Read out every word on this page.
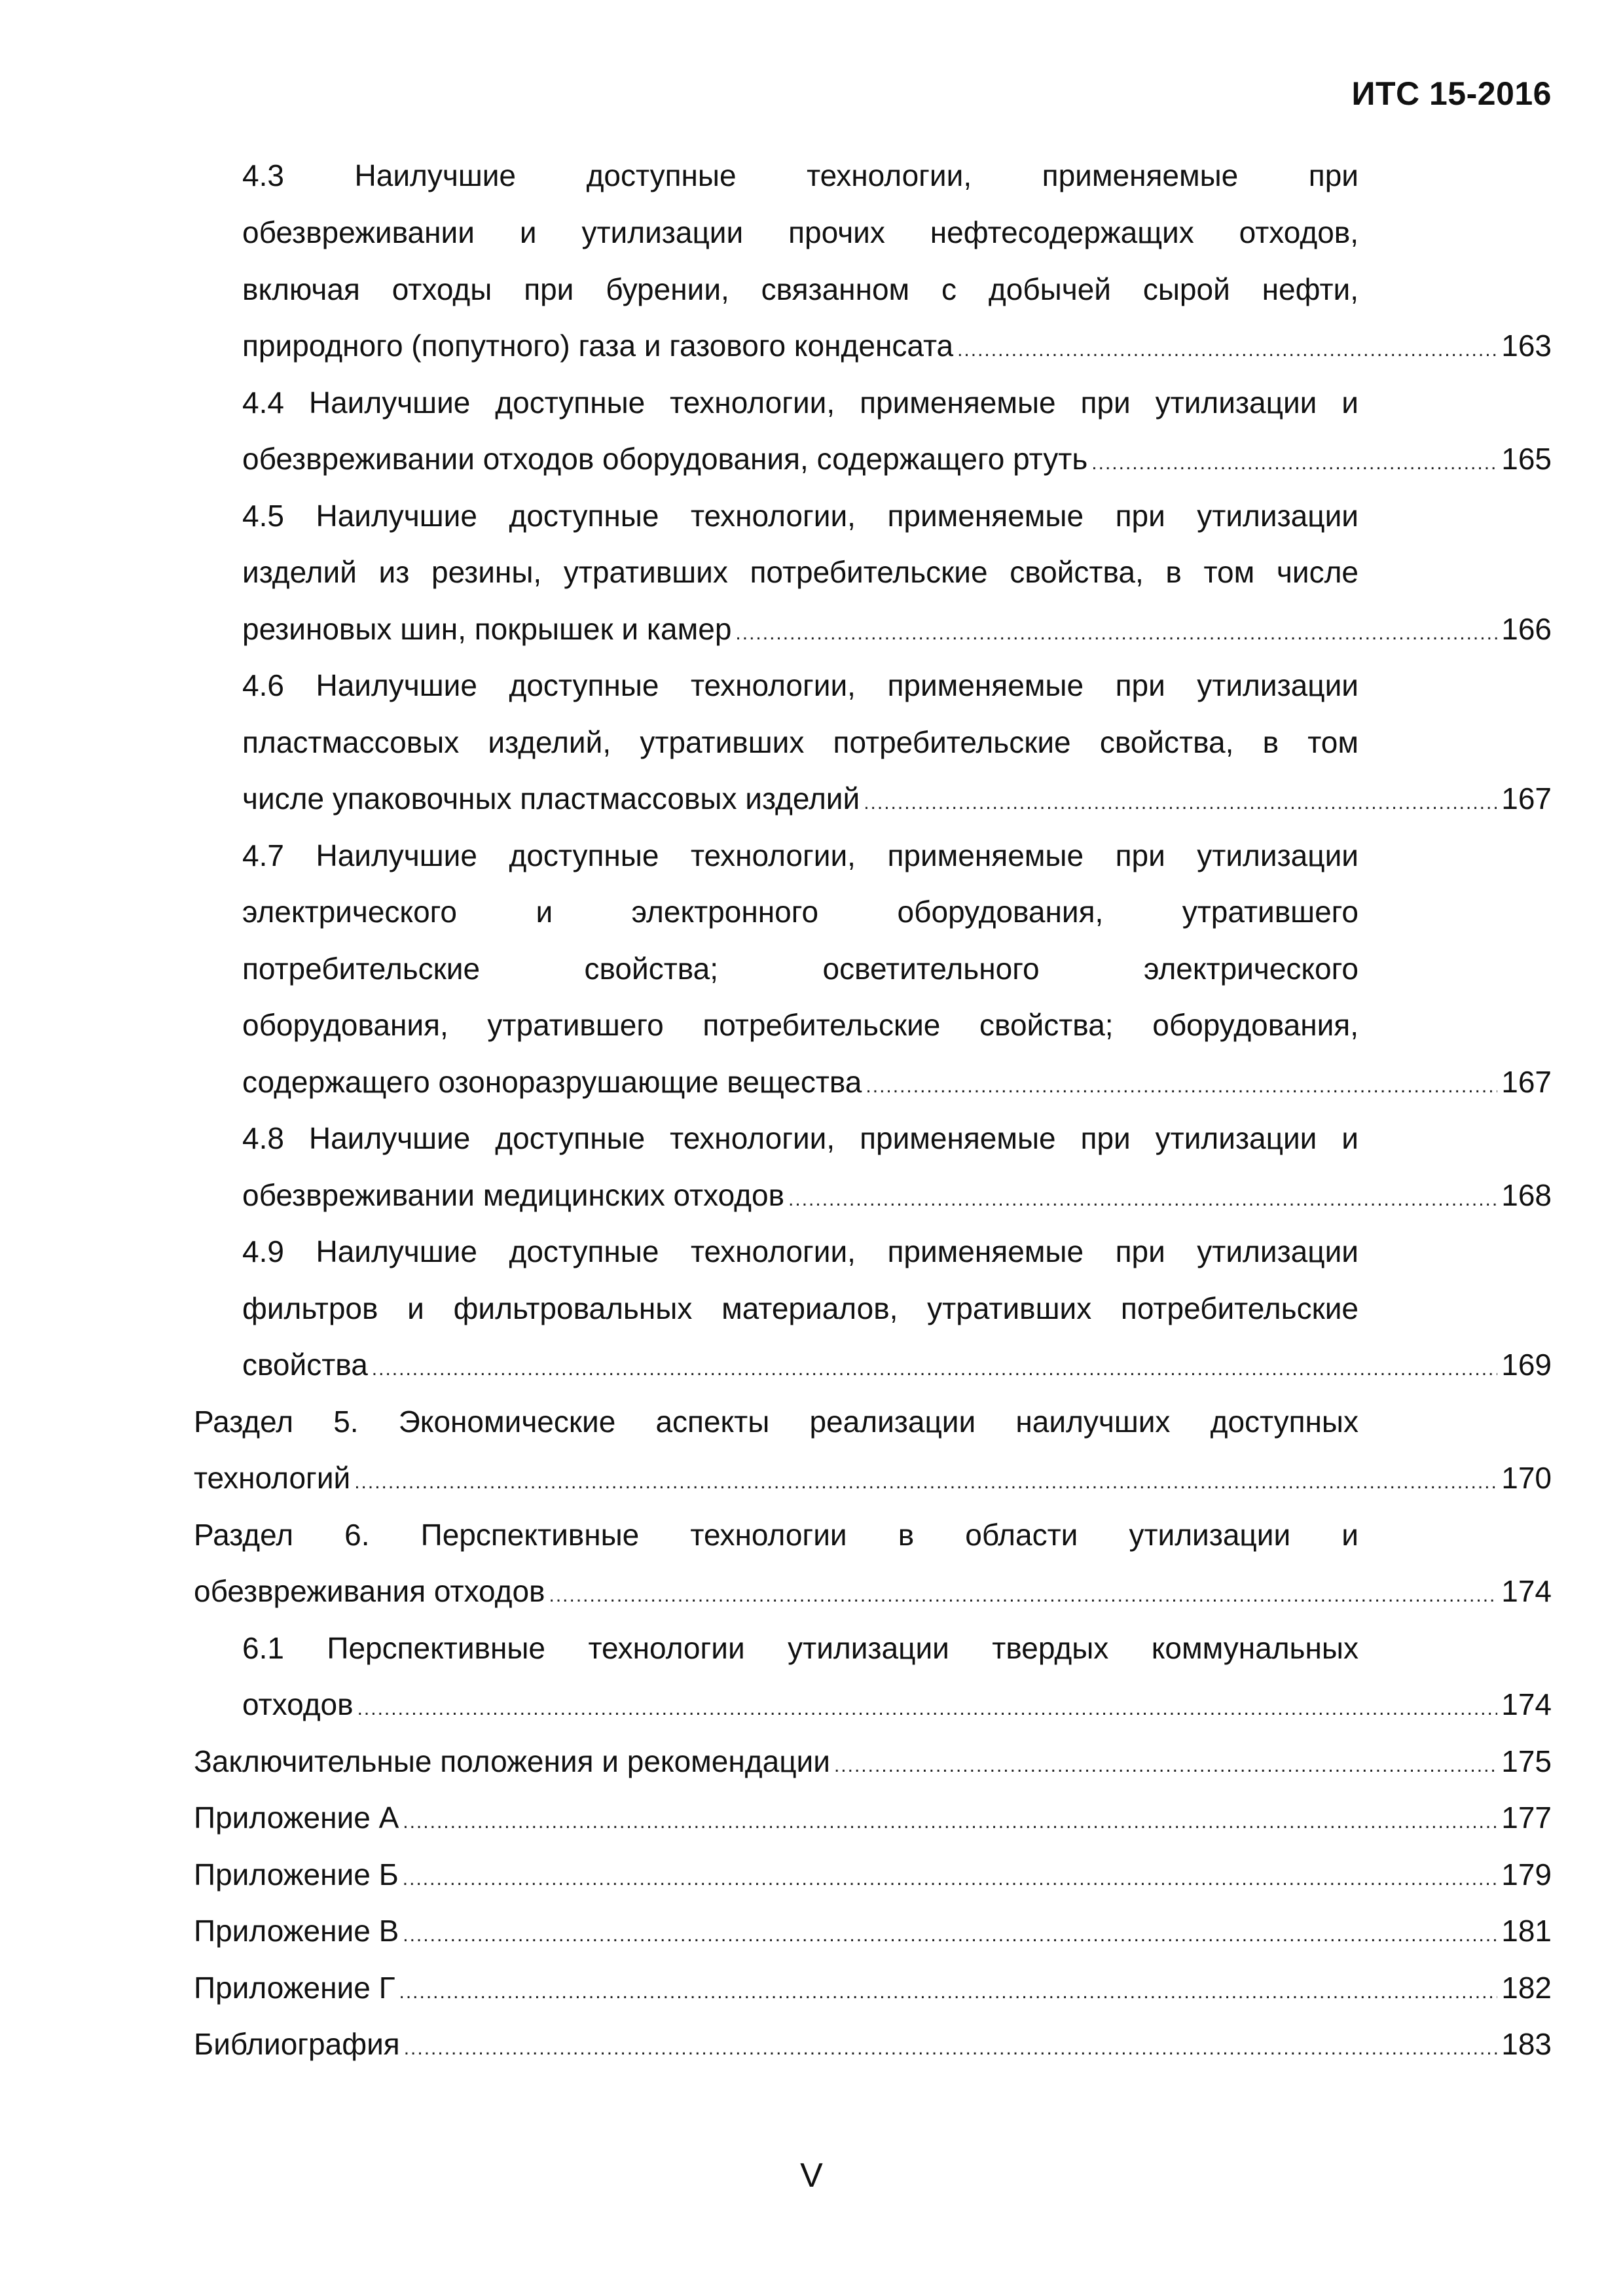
ИТС 15-2016
4.3 Наилучшие доступные технологии, применяемые при
обезвреживании и утилизации прочих нефтесодержащих отходов,
включая отходы при бурении, связанном с добычей сырой нефти,
природного (попутного) газа и газового конденсата .....	163
4.4 Наилучшие доступные технологии, применяемые при утилизации и
обезвреживании отходов оборудования, содержащего ртуть .....	165
4.5 Наилучшие доступные технологии, применяемые при утилизации
изделий из резины, утративших потребительские свойства, в том числе
резиновых шин, покрышек и камер .....	166
4.6 Наилучшие доступные технологии, применяемые при утилизации
пластмассовых изделий, утративших потребительские свойства, в том
числе упаковочных пластмассовых изделий .....	167
4.7 Наилучшие доступные технологии, применяемые при утилизации
электрического и электронного оборудования, утратившего
потребительские свойства; осветительного электрического
оборудования, утратившего потребительские свойства; оборудования,
содержащего озоноразрушающие вещества .....	167
4.8 Наилучшие доступные технологии, применяемые при утилизации и
обезвреживании медицинских отходов .....	168
4.9 Наилучшие доступные технологии, применяемые при утилизации
фильтров и фильтровальных материалов, утративших потребительские
свойства .....	169
Раздел 5. Экономические аспекты реализации наилучших доступных
технологий .....	170
Раздел 6. Перспективные технологии в области утилизации и
обезвреживания отходов .....	174
6.1 Перспективные технологии утилизации твердых коммунальных
отходов .....	174
Заключительные положения и рекомендации .....	175
Приложение А .....	177
Приложение Б .....	179
Приложение В .....	181
Приложение Г .....	182
Библиография .....	183
V
